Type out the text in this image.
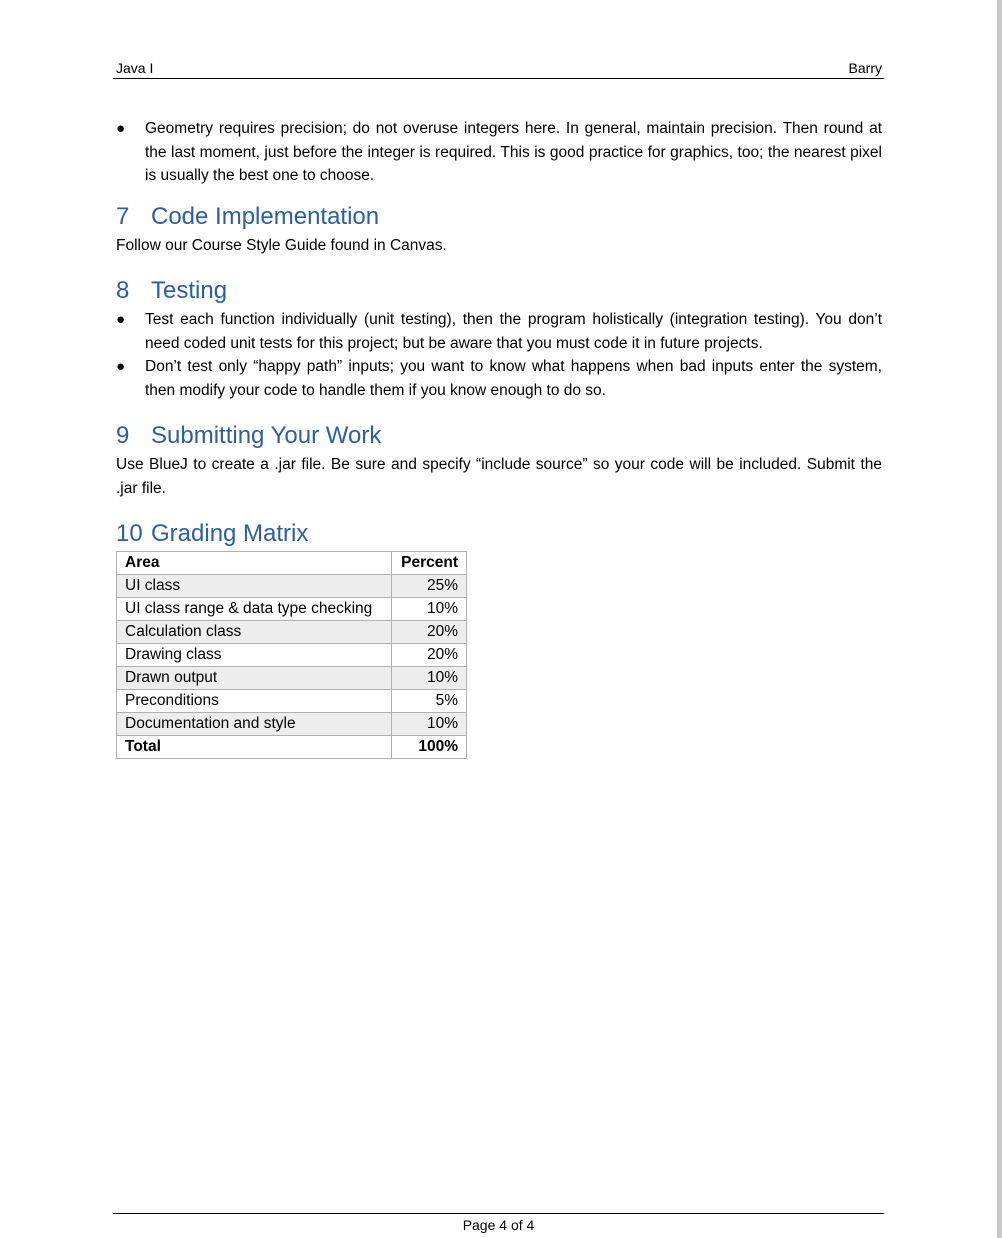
Java I	Barry
● Geometry requires precision; do not overuse integers here. In general, maintain precision. Then round at the last moment, just before the integer is required. This is good practice for graphics, too; the nearest pixel is usually the best one to choose.
7 Code Implementation

Follow our Course Style Guide found in Canvas.

8 Testing
● Test each function individually (unit testing), then the program holistically (integration testing). You don’t need coded unit tests for this project; but be aware that you must code it in future projects.
● Don’t test only “happy path” inputs; you want to know what happens when bad inputs enter the system, then modify your code to handle them if you know enough to do so.
9 Submitting Your Work

Use BlueJ to create a .jar file. Be sure and specify “include source” so your code will be included. Submit the .jar file.

10 Grading Matrix
Area	Percent
UI class	25%
UI class range & data type checking	10%
Calculation class	20%
Drawing class	20%
Drawn output	10%
Preconditions	5%
Documentation and style	10%
Total	100%
Page 4 of 4
